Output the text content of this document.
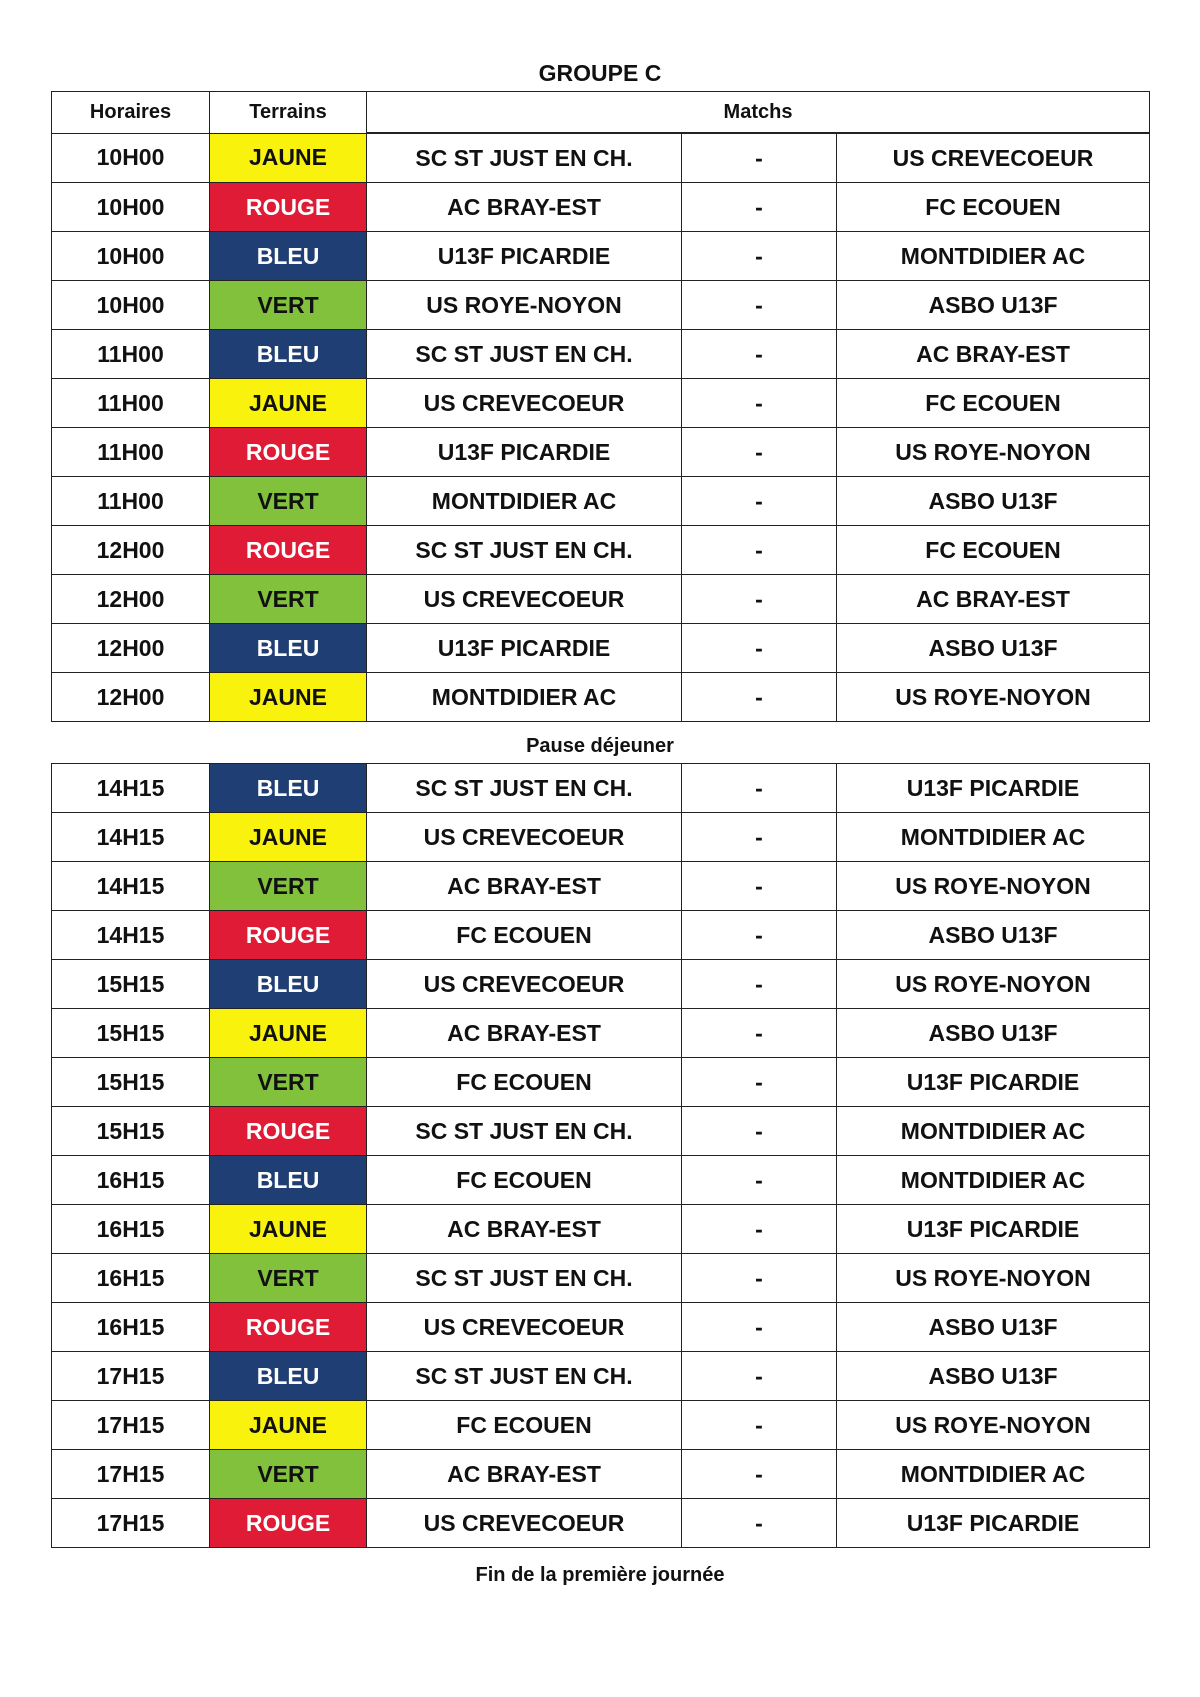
GROUPE C
Horaires	Terrains	Matchs		
10H00	JAUNE	SC ST JUST EN CH.	-	US CREVECOEUR
10H00	ROUGE	AC BRAY-EST	-	FC ECOUEN
10H00	BLEU	U13F PICARDIE	-	MONTDIDIER AC
10H00	VERT	US ROYE-NOYON	-	ASBO U13F
11H00	BLEU	SC ST JUST EN CH.	-	AC BRAY-EST
11H00	JAUNE	US CREVECOEUR	-	FC ECOUEN
11H00	ROUGE	U13F PICARDIE	-	US ROYE-NOYON
11H00	VERT	MONTDIDIER AC	-	ASBO U13F
12H00	ROUGE	SC ST JUST EN CH.	-	FC ECOUEN
12H00	VERT	US CREVECOEUR	-	AC BRAY-EST
12H00	BLEU	U13F PICARDIE	-	ASBO U13F
12H00	JAUNE	MONTDIDIER AC	-	US ROYE-NOYON
Pause déjeuner
14H15	BLEU	SC ST JUST EN CH.	-	U13F PICARDIE
14H15	JAUNE	US CREVECOEUR	-	MONTDIDIER AC
14H15	VERT	AC BRAY-EST	-	US ROYE-NOYON
14H15	ROUGE	FC ECOUEN	-	ASBO U13F
15H15	BLEU	US CREVECOEUR	-	US ROYE-NOYON
15H15	JAUNE	AC BRAY-EST	-	ASBO U13F
15H15	VERT	FC ECOUEN	-	U13F PICARDIE
15H15	ROUGE	SC ST JUST EN CH.	-	MONTDIDIER AC
16H15	BLEU	FC ECOUEN	-	MONTDIDIER AC
16H15	JAUNE	AC BRAY-EST	-	U13F PICARDIE
16H15	VERT	SC ST JUST EN CH.	-	US ROYE-NOYON
16H15	ROUGE	US CREVECOEUR	-	ASBO U13F
17H15	BLEU	SC ST JUST EN CH.	-	ASBO U13F
17H15	JAUNE	FC ECOUEN	-	US ROYE-NOYON
17H15	VERT	AC BRAY-EST	-	MONTDIDIER AC
17H15	ROUGE	US CREVECOEUR	-	U13F PICARDIE
Fin de la première journée
